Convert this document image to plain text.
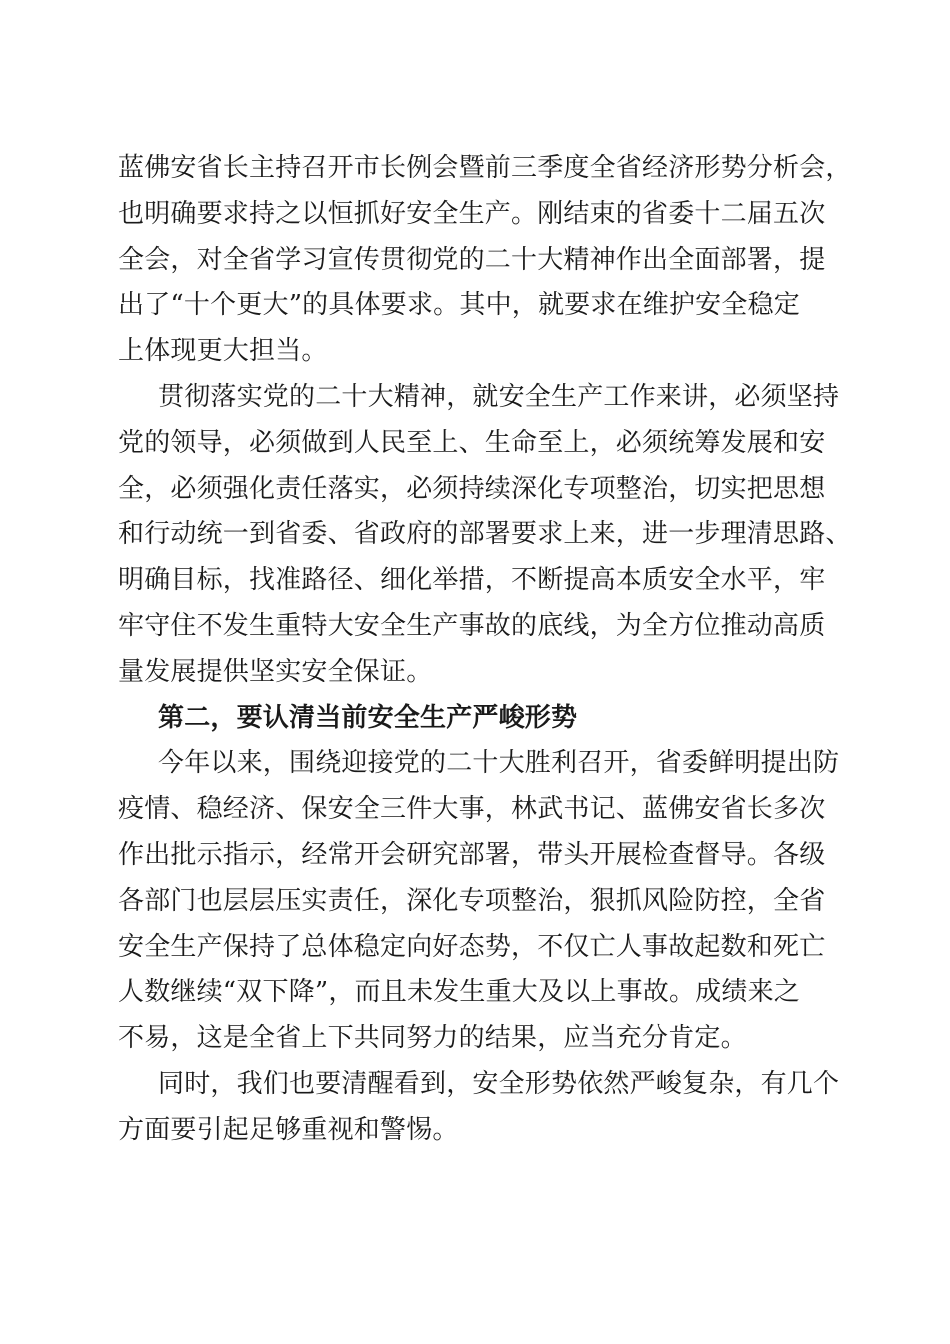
蓝佛安省长主持召开市长例会暨前三季度全省经济形势分析会，
也明确要求持之以恒抓好安全生产。刚结束的省委十二届五次
全会，对全省学习宣传贯彻党的二十大精神作出全面部署，提
出了“十个更大”的具体要求。其中，就要求在维护安全稳定
上体现更大担当。
贯彻落实党的二十大精神，就安全生产工作来讲，必须坚持
党的领导，必须做到人民至上、生命至上，必须统筹发展和安
全，必须强化责任落实，必须持续深化专项整治，切实把思想
和行动统一到省委、省政府的部署要求上来，进一步理清思路、
明确目标，找准路径、细化举措，不断提高本质安全水平，牢
牢守住不发生重特大安全生产事故的底线，为全方位推动高质
量发展提供坚实安全保证。
第二，要认清当前安全生产严峻形势
今年以来，围绕迎接党的二十大胜利召开，省委鲜明提出防
疫情、稳经济、保安全三件大事，林武书记、蓝佛安省长多次
作出批示指示，经常开会研究部署，带头开展检查督导。各级
各部门也层层压实责任，深化专项整治，狠抓风险防控，全省
安全生产保持了总体稳定向好态势，不仅亡人事故起数和死亡
人数继续“双下降”，而且未发生重大及以上事故。成绩来之
不易，这是全省上下共同努力的结果，应当充分肯定。
同时，我们也要清醒看到，安全形势依然严峻复杂，有几个
方面要引起足够重视和警惕。
